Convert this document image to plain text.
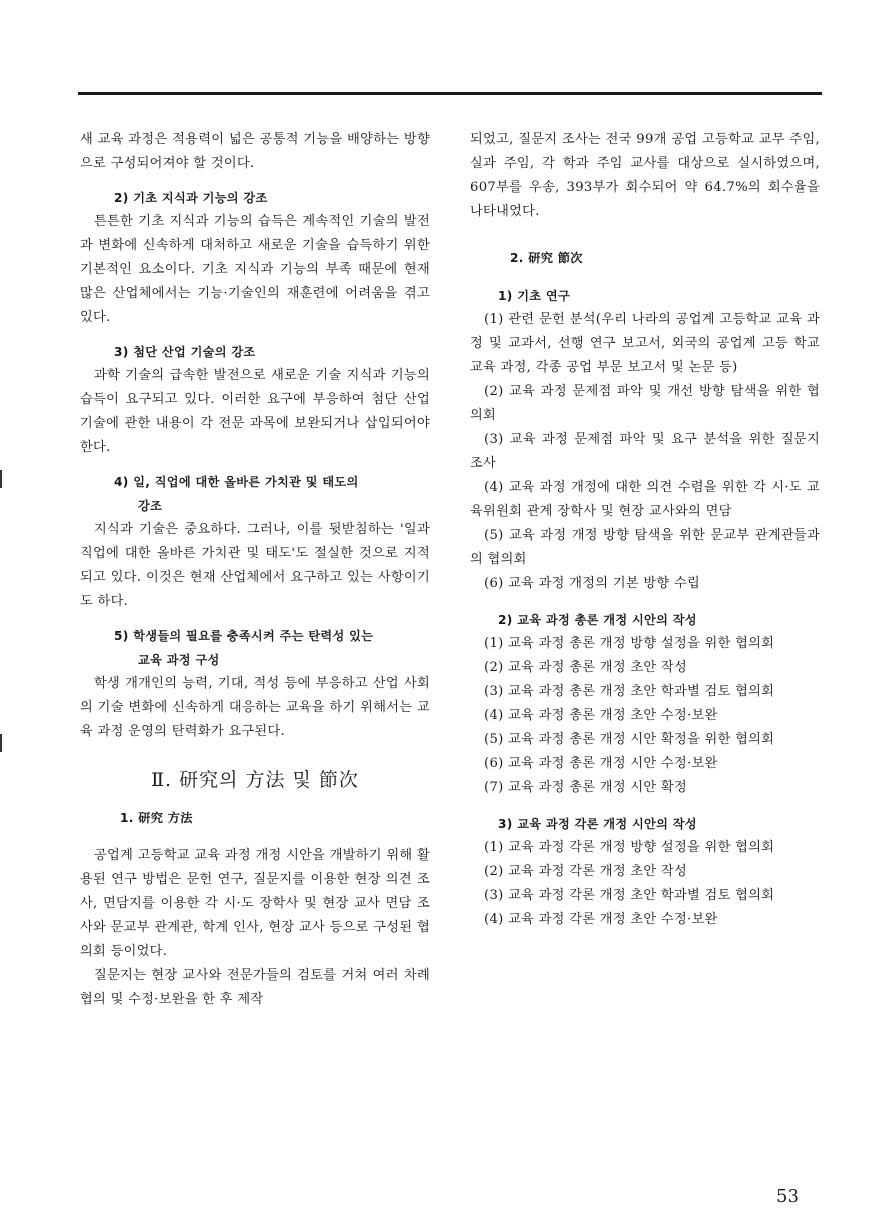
새 교육 과정은 적용력이 넓은 공통적 기능을 배양하는 방향으로 구성되어져야 할 것이다.

2) 기초 지식과 기능의 강조

튼튼한 기초 지식과 기능의 습득은 계속적인 기술의 발전과 변화에 신속하게 대처하고 새로운 기술을 습득하기 위한 기본적인 요소이다. 기초 지식과 기능의 부족 때문에 현재 많은 산업체에서는 기능·기술인의 재훈련에 어려움을 겪고 있다.

3) 첨단 산업 기술의 강조

과학 기술의 급속한 발전으로 새로운 기술 지식과 기능의 습득이 요구되고 있다. 이러한 요구에 부응하여 첨단 산업 기술에 관한 내용이 각 전문 과목에 보완되거나 삽입되어야 한다.

4) 일, 직업에 대한 올바른 가치관 및 태도의
강조

지식과 기술은 중요하다. 그러나, 이를 뒷받침하는 '일과 직업에 대한 올바른 가치관 및 태도'도 절실한 것으로 지적되고 있다. 이것은 현재 산업체에서 요구하고 있는 사항이기도 하다.

5) 학생들의 필요를 충족시켜 주는 탄력성 있는
교육 과정 구성

학생 개개인의 능력, 기대, 적성 등에 부응하고 산업 사회의 기술 변화에 신속하게 대응하는 교육을 하기 위해서는 교육 과정 운영의 탄력화가 요구된다.

Ⅱ. 研究의 方法 및 節次
1. 研究 方法

공업계 고등학교 교육 과정 개정 시안을 개발하기 위해 활용된 연구 방법은 문헌 연구, 질문지를 이용한 현장 의견 조사, 면담지를 이용한 각 시·도 장학사 및 현장 교사 면담 조사와 문교부 관계관, 학계 인사, 현장 교사 등으로 구성된 협의회 등이었다.

질문지는 현장 교사와 전문가들의 검토를 거쳐 여러 차례 협의 및 수정·보완을 한 후 제작

되었고, 질문지 조사는 전국 99개 공업 고등학교 교무 주임, 실과 주임, 각 학과 주임 교사를 대상으로 실시하였으며, 607부를 우송, 393부가 회수되어 약 64.7%의 회수율을 나타내었다.

2. 研究 節次
1) 기초 연구

(1) 관련 문헌 분석(우리 나라의 공업계 고등학교 교육 과정 및 교과서, 선행 연구 보고서, 외국의 공업계 고등 학교 교육 과정, 각종 공업 부문 보고서 및 논문 등)

(2) 교육 과정 문제점 파악 및 개선 방향 탐색을 위한 협의회

(3) 교육 과정 문제점 파악 및 요구 분석을 위한 질문지 조사

(4) 교육 과정 개정에 대한 의견 수렴을 위한 각 시·도 교육위원회 관계 장학사 및 현장 교사와의 면담

(5) 교육 과정 개정 방향 탐색을 위한 문교부 관계관들과의 협의회

(6) 교육 과정 개정의 기본 방향 수립

2) 교육 과정 총론 개정 시안의 작성

(1) 교육 과정 총론 개정 방향 설정을 위한 협의회

(2) 교육 과정 총론 개정 초안 작성

(3) 교육 과정 총론 개정 초안 학과별 검토 협의회

(4) 교육 과정 총론 개정 초안 수정·보완

(5) 교육 과정 총론 개정 시안 확정을 위한 협의회

(6) 교육 과정 총론 개정 시안 수정·보완

(7) 교육 과정 총론 개정 시안 확정

3) 교육 과정 각론 개정 시안의 작성

(1) 교육 과정 각론 개정 방향 설정을 위한 협의회

(2) 교육 과정 각론 개정 초안 작성

(3) 교육 과정 각론 개정 초안 학과별 검토 협의회

(4) 교육 과정 각론 개정 초안 수정·보완

53
